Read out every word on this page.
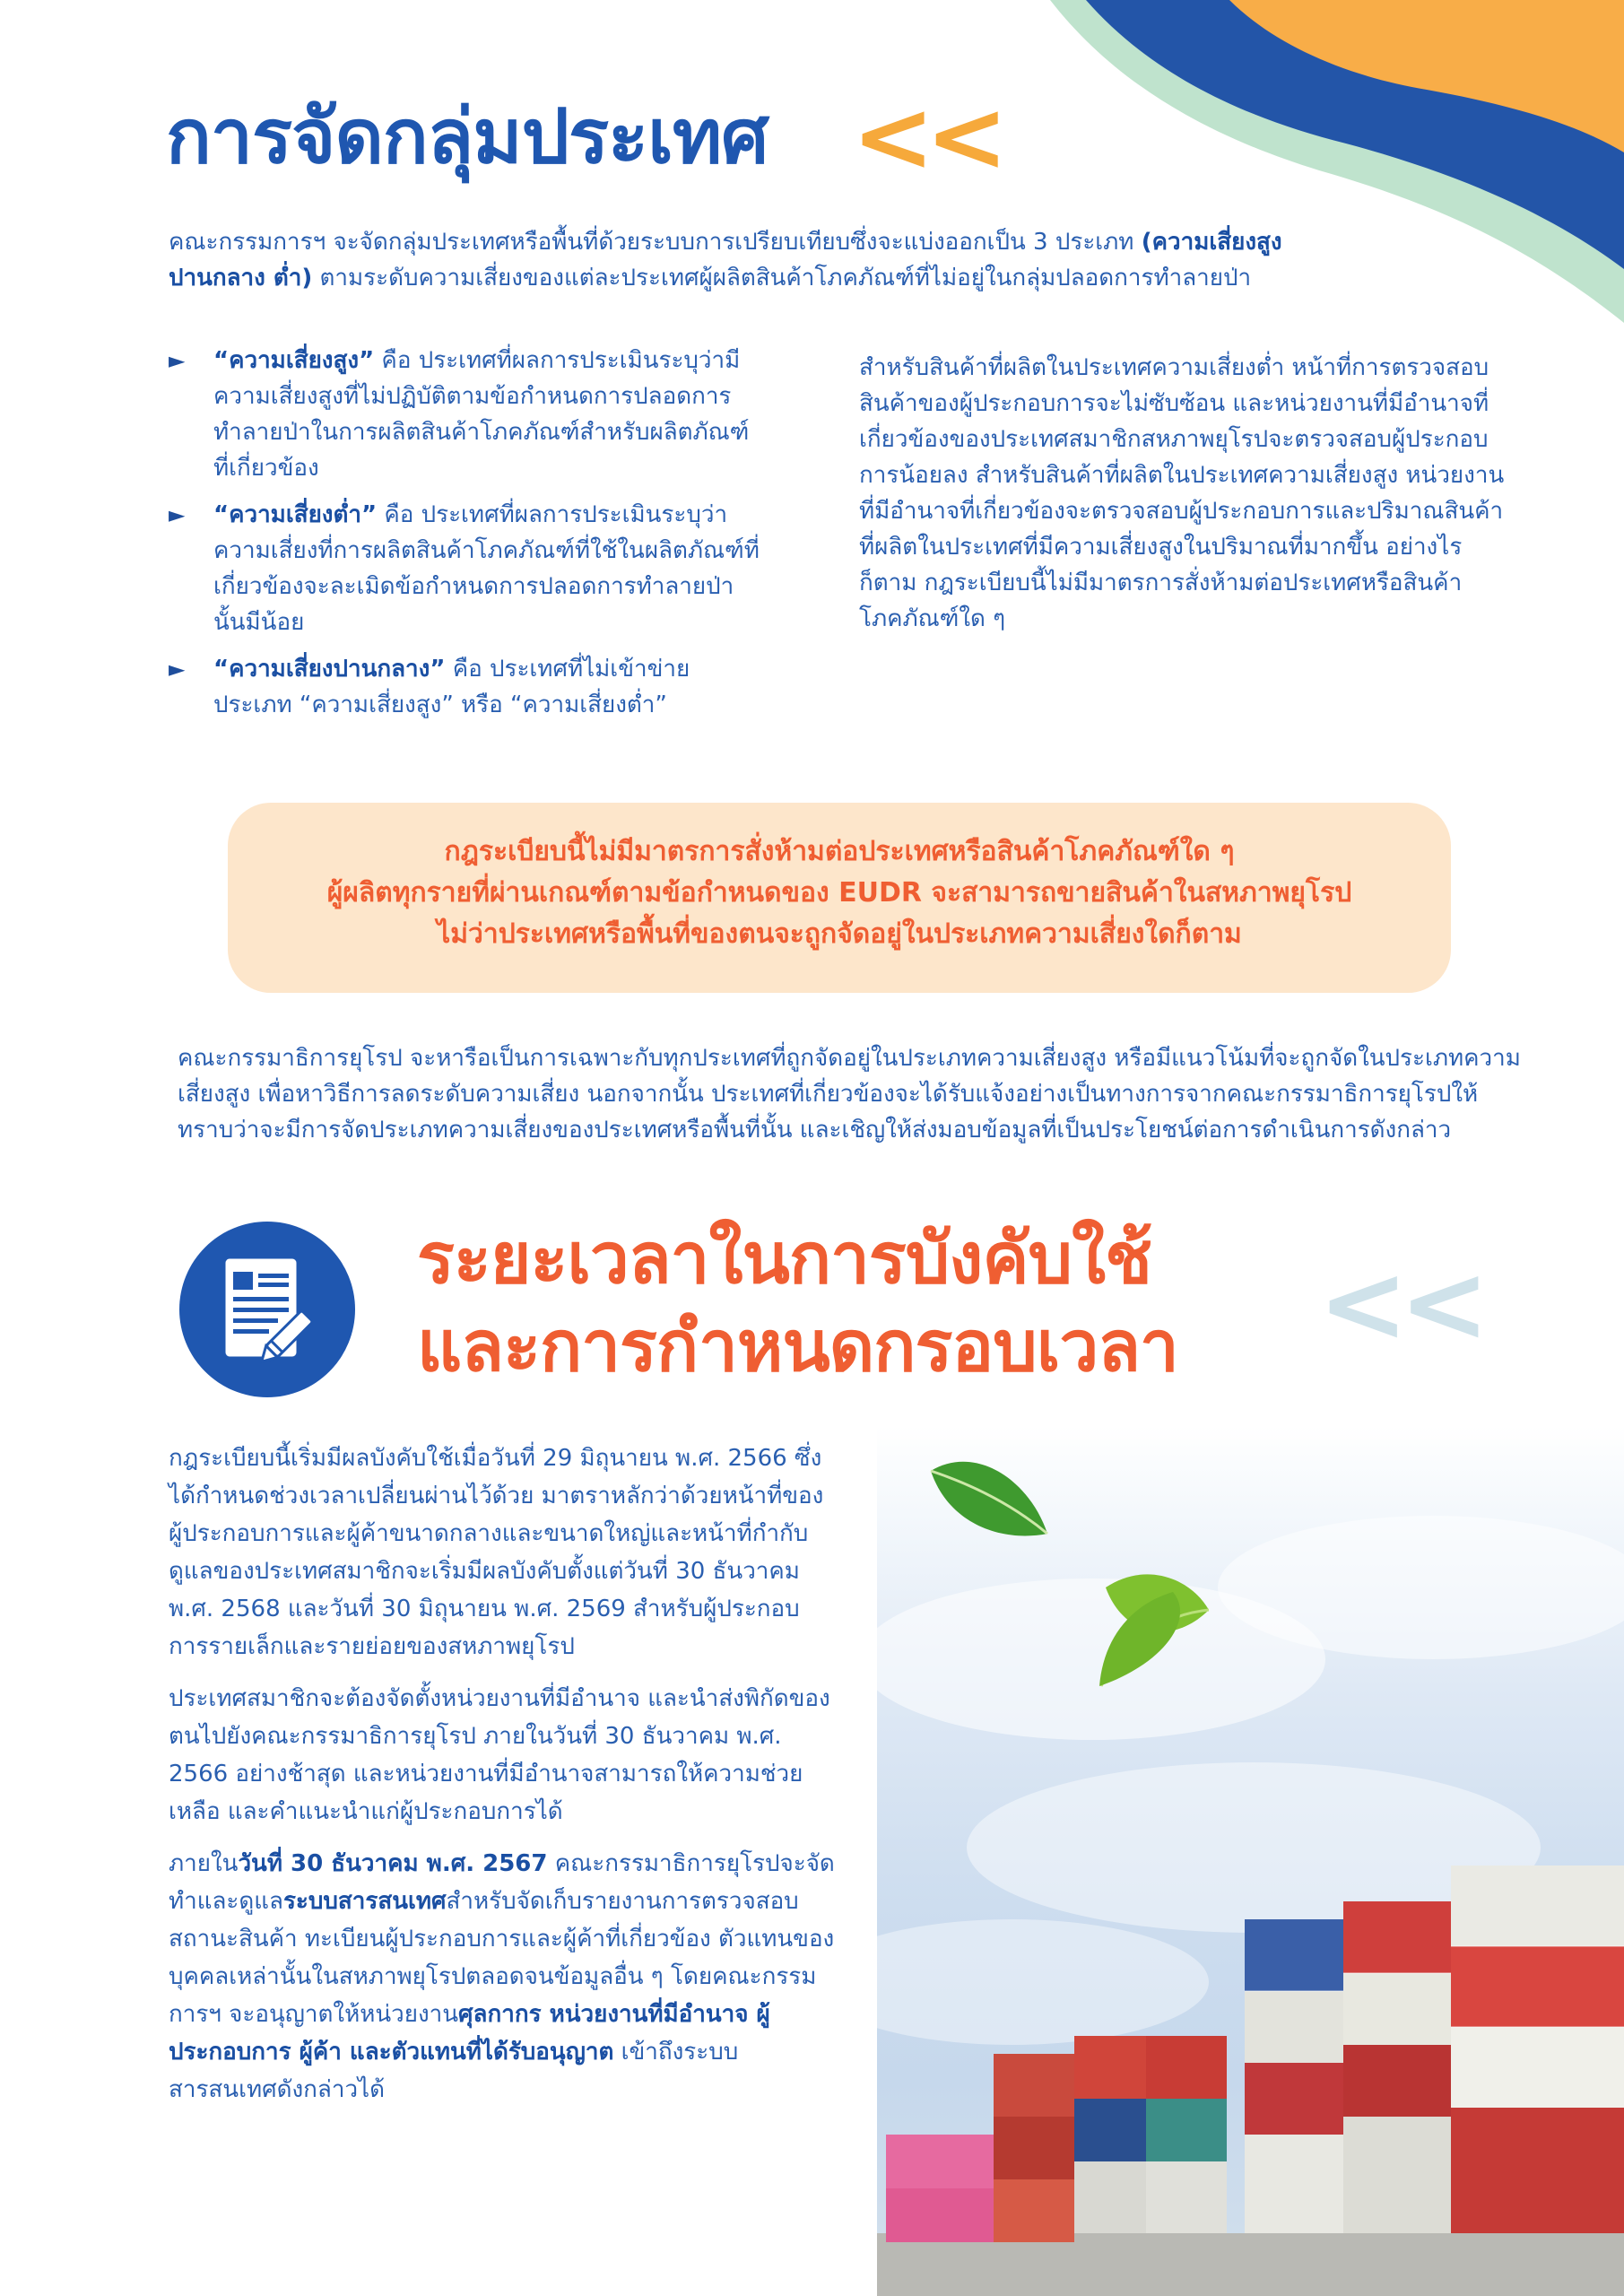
การจัดกลุ่มประเทศ <<
คณะกรรมการฯ จะจัดกลุ่มประเทศหรือพื้นที่ด้วยระบบการเปรียบเทียบซึ่งจะแบ่งออกเป็น 3 ประเภท (ความเสี่ยงสูง ปานกลาง ต่ำ) ตามระดับความเสี่ยงของแต่ละประเทศผู้ผลิตสินค้าโภคภัณฑ์ที่ไม่อยู่ในกลุ่มปลอดการทำลายป่า
► “ความเสี่ยงสูง” คือ ประเทศที่ผลการประเมินระบุว่ามีความเสี่ยงสูงที่ไม่ปฏิบัติตามข้อกำหนดการปลอดการทำลายป่าในการผลิตสินค้าโภคภัณฑ์สำหรับผลิตภัณฑ์ที่เกี่ยวข้อง
► “ความเสี่ยงต่ำ” คือ ประเทศที่ผลการประเมินระบุว่าความเสี่ยงที่การผลิตสินค้าโภคภัณฑ์ที่ใช้ในผลิตภัณฑ์ที่เกี่ยวข้องจะละเมิดข้อกำหนดการปลอดการทำลายป่านั้นมีน้อย
► “ความเสี่ยงปานกลาง” คือ ประเทศที่ไม่เข้าข่ายประเภท “ความเสี่ยงสูง” หรือ “ความเสี่ยงต่ำ”
สำหรับสินค้าที่ผลิตในประเทศความเสี่ยงต่ำ หน้าที่การตรวจสอบสินค้าของผู้ประกอบการจะไม่ซับซ้อน และหน่วยงานที่มีอำนาจที่เกี่ยวข้องของประเทศสมาชิกสหภาพยุโรปจะตรวจสอบผู้ประกอบการน้อยลง สำหรับสินค้าที่ผลิตในประเทศความเสี่ยงสูง หน่วยงานที่มีอำนาจที่เกี่ยวข้องจะตรวจสอบผู้ประกอบการและปริมาณสินค้าที่ผลิตในประเทศที่มีความเสี่ยงสูงในปริมาณที่มากขึ้น อย่างไรก็ตาม กฎระเบียบนี้ไม่มีมาตรการสั่งห้ามต่อประเทศหรือสินค้าโภคภัณฑ์ใด ๆ
กฎระเบียบนี้ไม่มีมาตรการสั่งห้ามต่อประเทศหรือสินค้าโภคภัณฑ์ใด ๆ
ผู้ผลิตทุกรายที่ผ่านเกณฑ์ตามข้อกำหนดของ EUDR จะสามารถขายสินค้าในสหภาพยุโรป
ไม่ว่าประเทศหรือพื้นที่ของตนจะถูกจัดอยู่ในประเภทความเสี่ยงใดก็ตาม
คณะกรรมาธิการยุโรป จะหารือเป็นการเฉพาะกับทุกประเทศที่ถูกจัดอยู่ในประเภทความเสี่ยงสูง หรือมีแนวโน้มที่จะถูกจัดในประเภทความเสี่ยงสูง เพื่อหาวิธีการลดระดับความเสี่ยง นอกจากนั้น ประเทศที่เกี่ยวข้องจะได้รับแจ้งอย่างเป็นทางการจากคณะกรรมาธิการยุโรปให้ทราบว่าจะมีการจัดประเภทความเสี่ยงของประเทศหรือพื้นที่นั้น และเชิญให้ส่งมอบข้อมูลที่เป็นประโยชน์ต่อการดำเนินการดังกล่าว
ระยะเวลาในการบังคับใช้
และการกำหนดกรอบเวลา <<

กฎระเบียบนี้เริ่มมีผลบังคับใช้เมื่อวันที่ 29 มิถุนายน พ.ศ. 2566 ซึ่งได้กำหนดช่วงเวลาเปลี่ยนผ่านไว้ด้วย มาตราหลักว่าด้วยหน้าที่ของผู้ประกอบการและผู้ค้าขนาดกลางและขนาดใหญ่และหน้าที่กำกับดูแลของประเทศสมาชิกจะเริ่มมีผลบังคับตั้งแต่วันที่ 30 ธันวาคม พ.ศ. 2568 และวันที่ 30 มิถุนายน พ.ศ. 2569 สำหรับผู้ประกอบการรายเล็กและรายย่อยของสหภาพยุโรป

ประเทศสมาชิกจะต้องจัดตั้งหน่วยงานที่มีอำนาจ และนำส่งพิกัดของตนไปยังคณะกรรมาธิการยุโรป ภายในวันที่ 30 ธันวาคม พ.ศ. 2566 อย่างช้าสุด และหน่วยงานที่มีอำนาจสามารถให้ความช่วยเหลือ และคำแนะนำแก่ผู้ประกอบการได้

ภายในวันที่ 30 ธันวาคม พ.ศ. 2567 คณะกรรมาธิการยุโรปจะจัดทำและดูแลระบบสารสนเทศสำหรับจัดเก็บรายงานการตรวจสอบสถานะสินค้า ทะเบียนผู้ประกอบการและผู้ค้าที่เกี่ยวข้อง ตัวแทนของบุคคลเหล่านั้นในสหภาพยุโรปตลอดจนข้อมูลอื่น ๆ โดยคณะกรรมการฯ จะอนุญาตให้หน่วยงานศุลกากร หน่วยงานที่มีอำนาจ ผู้ประกอบการ ผู้ค้า และตัวแทนที่ได้รับอนุญาต เข้าถึงระบบสารสนเทศดังกล่าวได้
